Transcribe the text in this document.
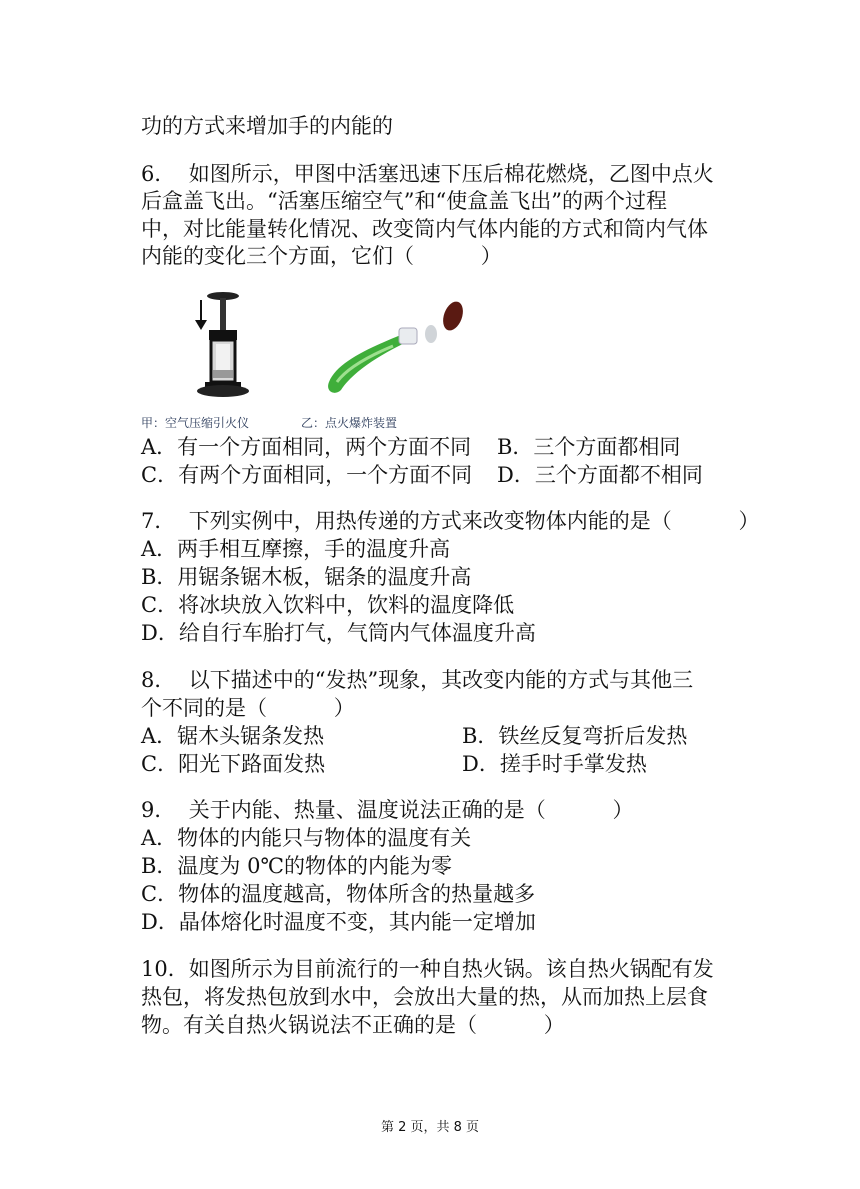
功的方式来增加手的内能的
6．  如图所示，甲图中活塞迅速下压后棉花燃烧，乙图中点火
后盒盖飞出。“活塞压缩空气”和“使盒盖飞出”的两个过程
中，对比能量转化情况、改变筒内气体内能的方式和筒内气体
内能的变化三个方面，它们（          ）
甲：空气压缩引火仪	乙：点火爆炸装置
A．有一个方面相同，两个方面不同 B．三个方面都相同
C．有两个方面相同，一个方面不同 D．三个方面都不相同
7．  下列实例中，用热传递的方式来改变物体内能的是（          ）
A．两手相互摩擦，手的温度升高
B．用锯条锯木板，锯条的温度升高
C．将冰块放入饮料中，饮料的温度降低
D．给自行车胎打气，气筒内气体温度升高
8．  以下描述中的“发热”现象，其改变内能的方式与其他三
个不同的是（          ）
A．锯木头锯条发热	B．铁丝反复弯折后发热
C．阳光下路面发热	D．搓手时手掌发热
9．  关于内能、热量、温度说法正确的是（          ）
A．物体的内能只与物体的温度有关
B．温度为 0℃的物体的内能为零
C．物体的温度越高，物体所含的热量越多
D．晶体熔化时温度不变，其内能一定增加
10．如图所示为目前流行的一种自热火锅。该自热火锅配有发
热包，将发热包放到水中，会放出大量的热，从而加热上层食
物。有关自热火锅说法不正确的是（          ）
第 2 页，共 8 页
